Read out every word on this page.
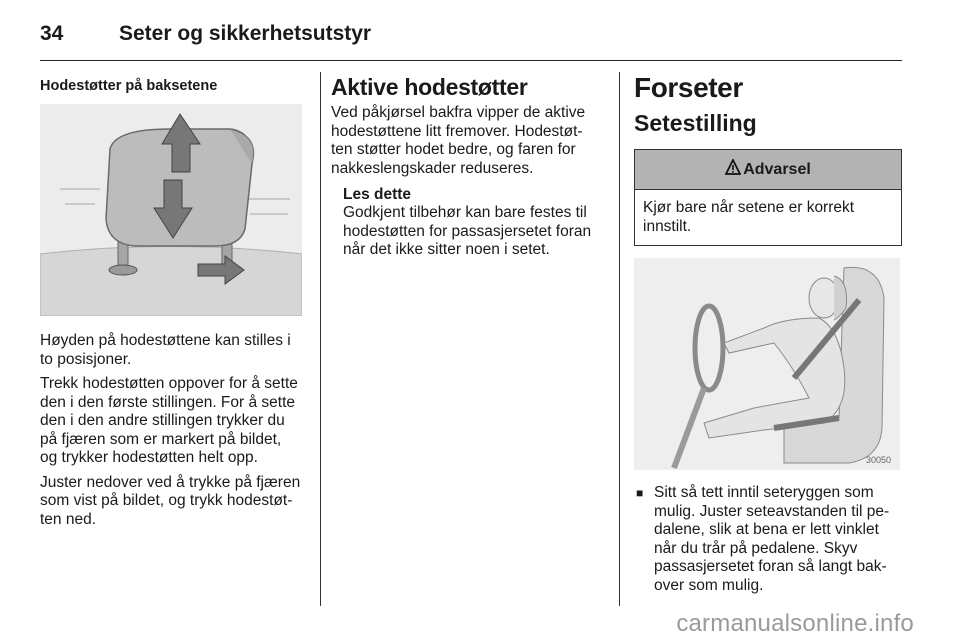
34	Seter og sikkerhetsutstyr
Hodestøtter på baksetene

Høyden på hodestøttene kan stilles i to posisjoner.

Trekk hodestøtten oppover for å sette den i den første stillingen. For å sette den i den andre stillingen trykker du på fjæren som er markert på bildet, og trykker hodestøtten helt opp.

Juster nedover ved å trykke på fjæren som vist på bildet, og trykk hodestøt-ten ned.

Aktive hodestøtter

Ved påkjørsel bakfra vipper de aktive hodestøttene litt fremover. Hodestøt-ten støtter hodet bedre, og faren for nakkeslengskader reduseres.

Les dette

Godkjent tilbehør kan bare festes til hodestøtten for passasjersetet foran når det ikke sitter noen i setet.

Forseter
Setestilling
Advarsel

Kjør bare når setene er korrekt innstilt.

30050
■ Sitt så tett inntil seteryggen som mulig. Juster seteavstanden til pe-dalene, slik at bena er lett vinklet når du trår på pedalene. Skyv passasjersetet foran så langt bak-over som mulig.

carmanualsonline.info
